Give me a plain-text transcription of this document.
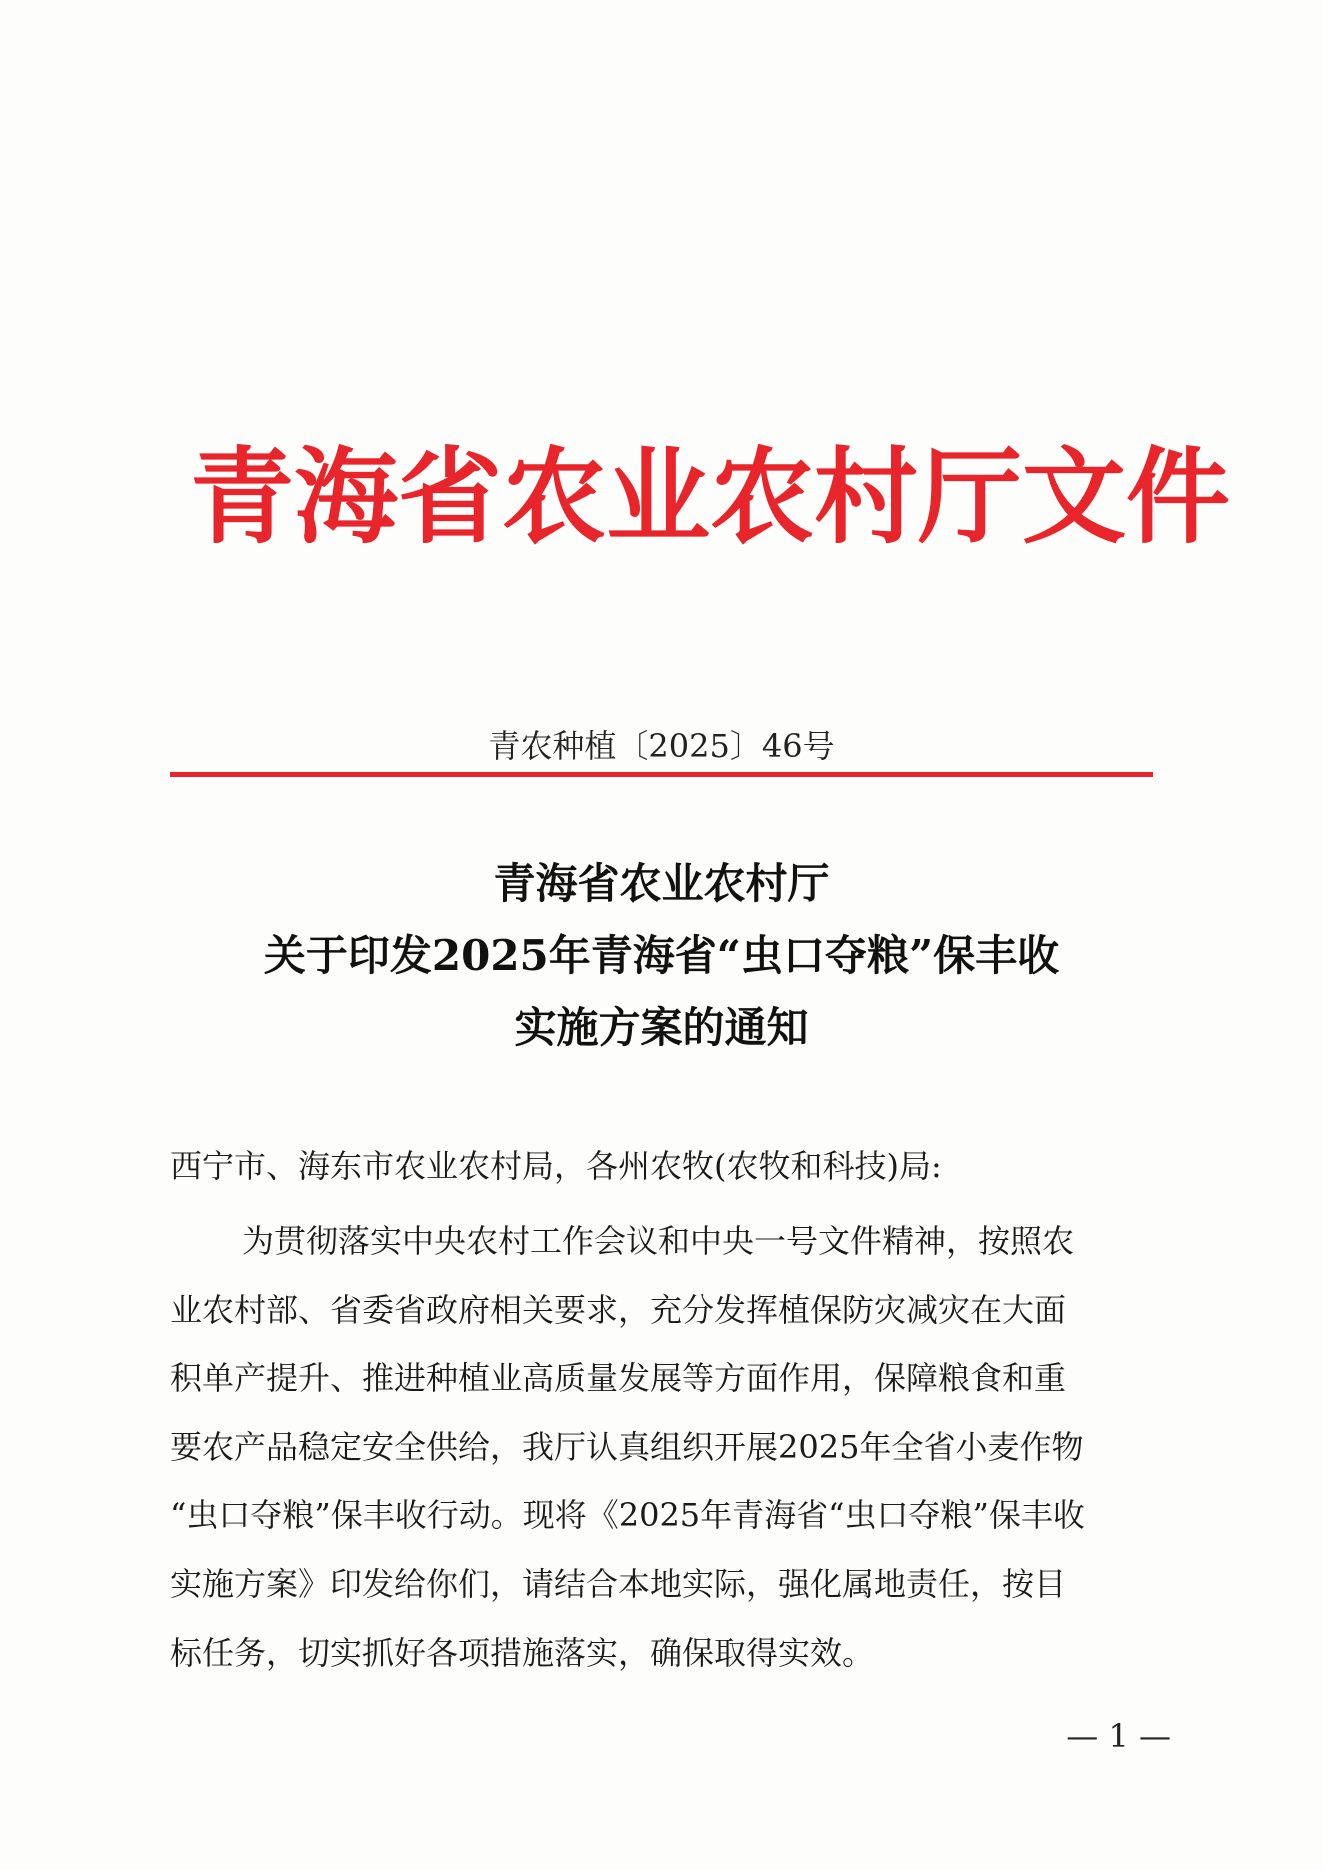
青海省农业农村厅文件
青农种植〔2025〕46号
青海省农业农村厅
关于印发2025年青海省“虫口夺粮”保丰收
实施方案的通知
西宁市、海东市农业农村局，各州农牧(农牧和科技)局:
为贯彻落实中央农村工作会议和中央一号文件精神，按照农
业农村部、省委省政府相关要求，充分发挥植保防灾减灾在大面
积单产提升、推进种植业高质量发展等方面作用，保障粮食和重
要农产品稳定安全供给，我厅认真组织开展2025年全省小麦作物
“虫口夺粮”保丰收行动。现将《2025年青海省“虫口夺粮”保丰收
实施方案》印发给你们，请结合本地实际，强化属地责任，按目
标任务，切实抓好各项措施落实，确保取得实效。
— 1 —
